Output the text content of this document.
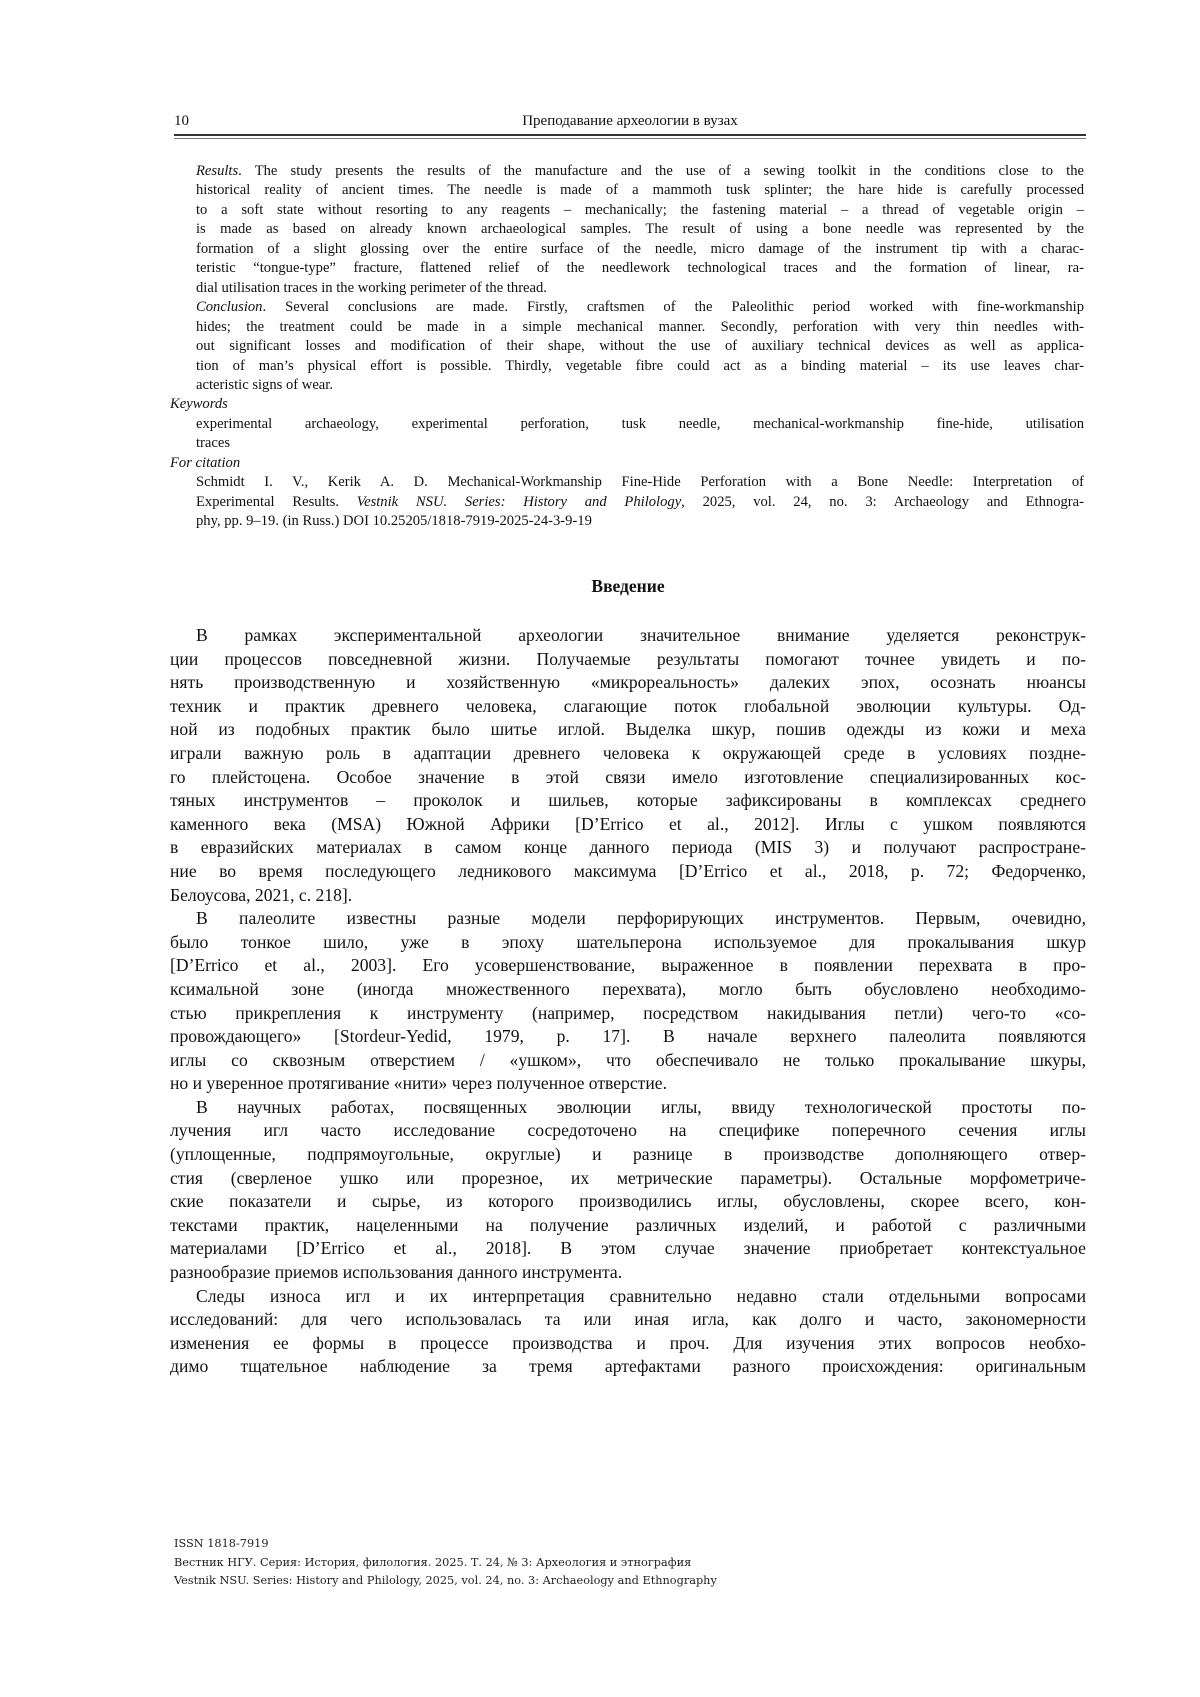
10	Преподавание археологии в вузах
Results. The study presents the results of the manufacture and the use of a sewing toolkit in the conditions close to the
historical reality of ancient times. The needle is made of a mammoth tusk splinter; the hare hide is carefully processed
to a soft state without resorting to any reagents – mechanically; the fastening material – a thread of vegetable origin –
is made as based on already known archaeological samples. The result of using a bone needle was represented by the
formation of a slight glossing over the entire surface of the needle, micro damage of the instrument tip with a charac-
teristic “tongue-type” fracture, flattened relief of the needlework technological traces and the formation of linear, ra-
dial utilisation traces in the working perimeter of the thread.
Conclusion. Several conclusions are made. Firstly, craftsmen of the Paleolithic period worked with fine-workmanship
hides; the treatment could be made in a simple mechanical manner. Secondly, perforation with very thin needles with-
out significant losses and modification of their shape, without the use of auxiliary technical devices as well as applica-
tion of man’s physical effort is possible. Thirdly, vegetable fibre could act as a binding material – its use leaves char-
acteristic signs of wear.
Keywords
experimental archaeology, experimental perforation, tusk needle, mechanical-workmanship fine-hide, utilisation
traces
For citation
Schmidt I. V., Kerik A. D. Mechanical-Workmanship Fine-Hide Perforation with a Bone Needle: Interpretation of
Experimental Results. Vestnik NSU. Series: History and Philology, 2025, vol. 24, no. 3: Archaeology and Ethnogra-
phy, pp. 9–19. (in Russ.) DOI 10.25205/1818-7919-2025-24-3-9-19
Введение
В рамках экспериментальной археологии значительное внимание уделяется реконструк-
ции процессов повседневной жизни. Получаемые результаты помогают точнее увидеть и по-
нять производственную и хозяйственную «микрореальность» далеких эпох, осознать нюансы
техник и практик древнего человека, слагающие поток глобальной эволюции культуры. Од-
ной из подобных практик было шитье иглой. Выделка шкур, пошив одежды из кожи и меха
играли важную роль в адаптации древнего человека к окружающей среде в условиях поздне-
го плейстоцена. Особое значение в этой связи имело изготовление специализированных кос-
тяных инструментов – проколок и шильев, которые зафиксированы в комплексах среднего
каменного века (MSA) Южной Африки [D’Errico et al., 2012]. Иглы с ушком появляются
в евразийских материалах в самом конце данного периода (MIS 3) и получают распростране-
ние во время последующего ледникового максимума [D’Errico et al., 2018, p. 72; Федорченко,
Белоусова, 2021, с. 218].
В палеолите известны разные модели перфорирующих инструментов. Первым, очевидно,
было тонкое шило, уже в эпоху шательперона используемое для прокалывания шкур
[D’Errico et al., 2003]. Его усовершенствование, выраженное в появлении перехвата в про-
ксимальной зоне (иногда множественного перехвата), могло быть обусловлено необходимо-
стью прикрепления к инструменту (например, посредством накидывания петли) чего-то «со-
провождающего» [Stordeur-Yedid, 1979, p. 17]. В начале верхнего палеолита появляются
иглы со сквозным отверстием / «ушком», что обеспечивало не только прокалывание шкуры,
но и уверенное протягивание «нити» через полученное отверстие.
В научных работах, посвященных эволюции иглы, ввиду технологической простоты по-
лучения игл часто исследование сосредоточено на специфике поперечного сечения иглы
(уплощенные, подпрямоугольные, округлые) и разнице в производстве дополняющего отвер-
стия (сверленое ушко или прорезное, их метрические параметры). Остальные морфометриче-
ские показатели и сырье, из которого производились иглы, обусловлены, скорее всего, кон-
текстами практик, нацеленными на получение различных изделий, и работой с различными
материалами [D’Errico et al., 2018]. В этом случае значение приобретает контекстуальное
разнообразие приемов использования данного инструмента.
Следы износа игл и их интерпретация сравнительно недавно стали отдельными вопросами
исследований: для чего использовалась та или иная игла, как долго и часто, закономерности
изменения ее формы в процессе производства и проч. Для изучения этих вопросов необхо-
димо тщательное наблюдение за тремя артефактами разного происхождения: оригинальным
ISSN 1818-7919
Вестник НГУ. Серия: История, филология. 2025. Т. 24, № 3: Археология и этнография
Vestnik NSU. Series: History and Philology, 2025, vol. 24, no. 3: Archaeology and Ethnography
